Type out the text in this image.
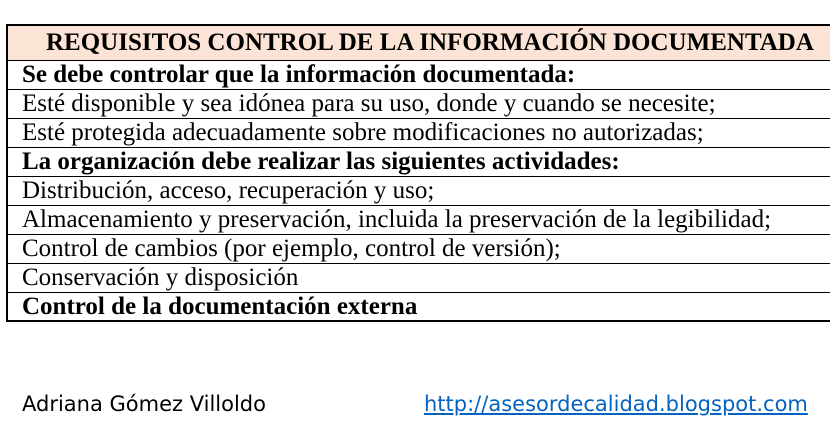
REQUISITOS CONTROL DE LA INFORMACIÓN DOCUMENTADA
Se debe controlar que la información documentada:
Esté disponible y sea idónea para su uso, donde y cuando se necesite;
Esté protegida adecuadamente sobre modificaciones no autorizadas;
La organización debe realizar las siguientes actividades:
Distribución, acceso, recuperación y uso;
Almacenamiento y preservación, incluida la preservación de la legibilidad;
Control de cambios (por ejemplo, control de versión);
Conservación y disposición
Control de la documentación externa
Adriana Gómez Villoldo	http://asesordecalidad.blogspot.com
